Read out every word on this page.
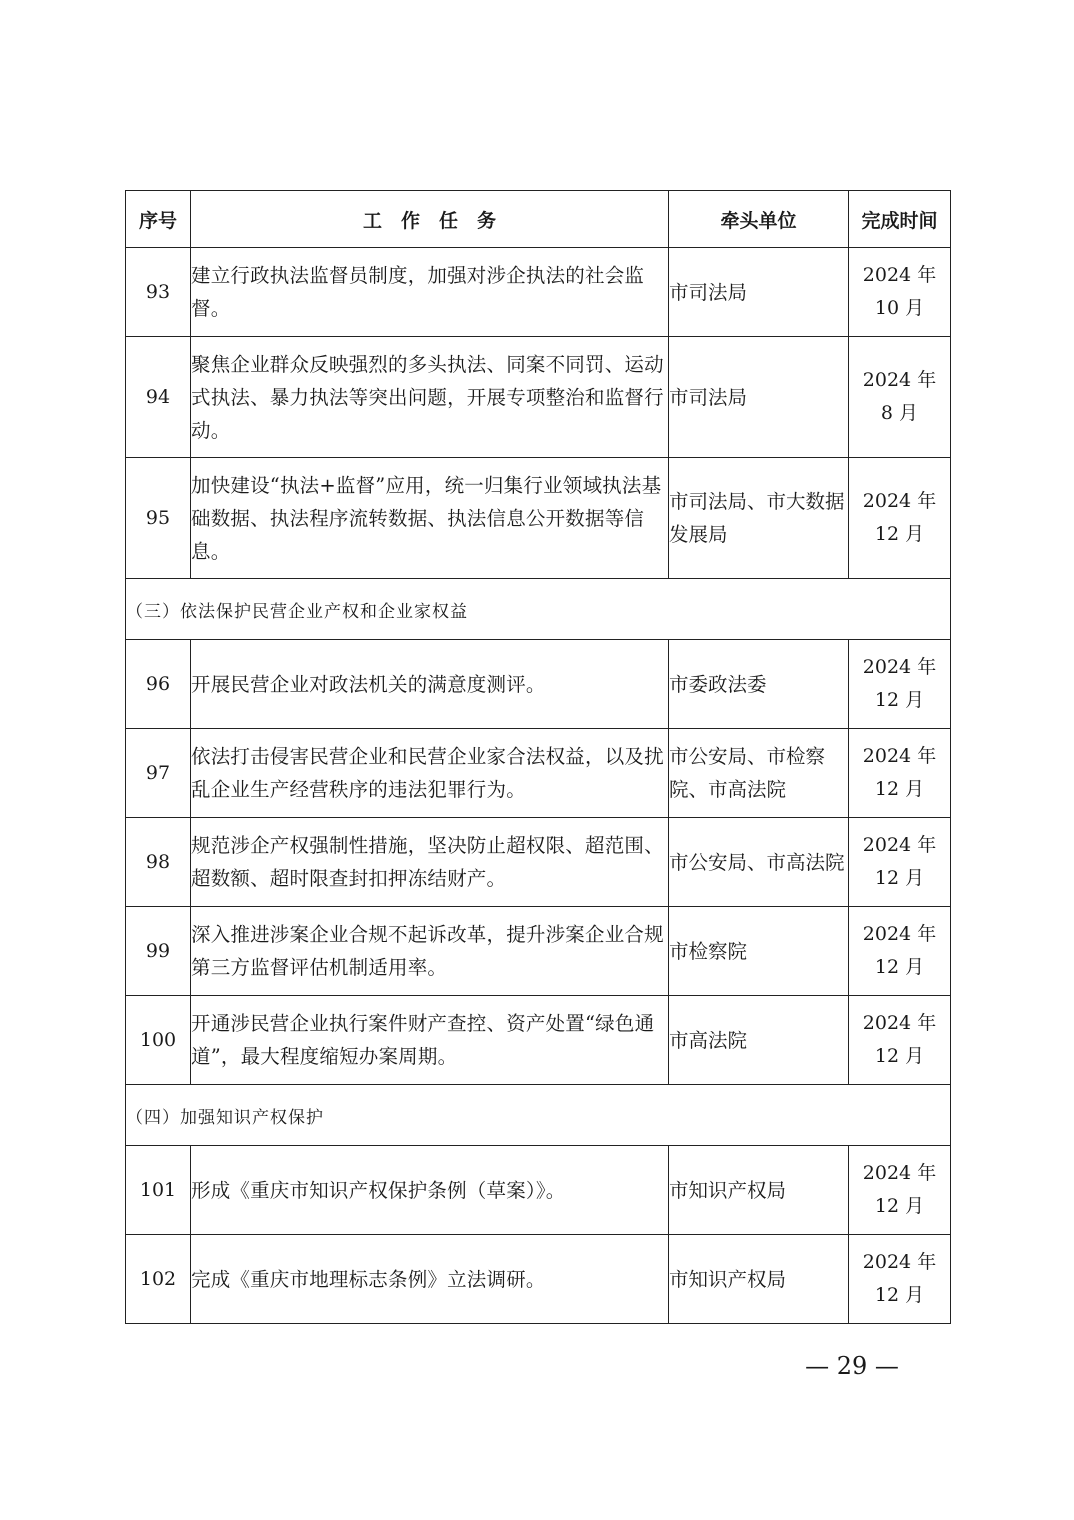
序号	工　作　任　务	牵头单位	完成时间
93	建立行政执法监督员制度，加强对涉企执法的社会监督。	市司法局	2024 年
10 月
94	聚焦企业群众反映强烈的多头执法、同案不同罚、运动式执法、暴力执法等突出问题，开展专项整治和监督行动。	市司法局	2024 年
8 月
95	加快建设“执法+监督”应用，统一归集行业领域执法基础数据、执法程序流转数据、执法信息公开数据等信息。	市司法局、市大数据发展局	2024 年
12 月
（三）依法保护民营企业产权和企业家权益			
96	开展民营企业对政法机关的满意度测评。	市委政法委	2024 年
12 月
97	依法打击侵害民营企业和民营企业家合法权益，以及扰乱企业生产经营秩序的违法犯罪行为。	市公安局、市检察院、市高法院	2024 年
12 月
98	规范涉企产权强制性措施，坚决防止超权限、超范围、超数额、超时限查封扣押冻结财产。	市公安局、市高法院	2024 年
12 月
99	深入推进涉案企业合规不起诉改革，提升涉案企业合规第三方监督评估机制适用率。	市检察院	2024 年
12 月
100	开通涉民营企业执行案件财产查控、资产处置“绿色通道”，最大程度缩短办案周期。	市高法院	2024 年
12 月
（四）加强知识产权保护			
101	形成《重庆市知识产权保护条例（草案）》。	市知识产权局	2024 年
12 月
102	完成《重庆市地理标志条例》立法调研。	市知识产权局	2024 年
12 月
— 29 —
